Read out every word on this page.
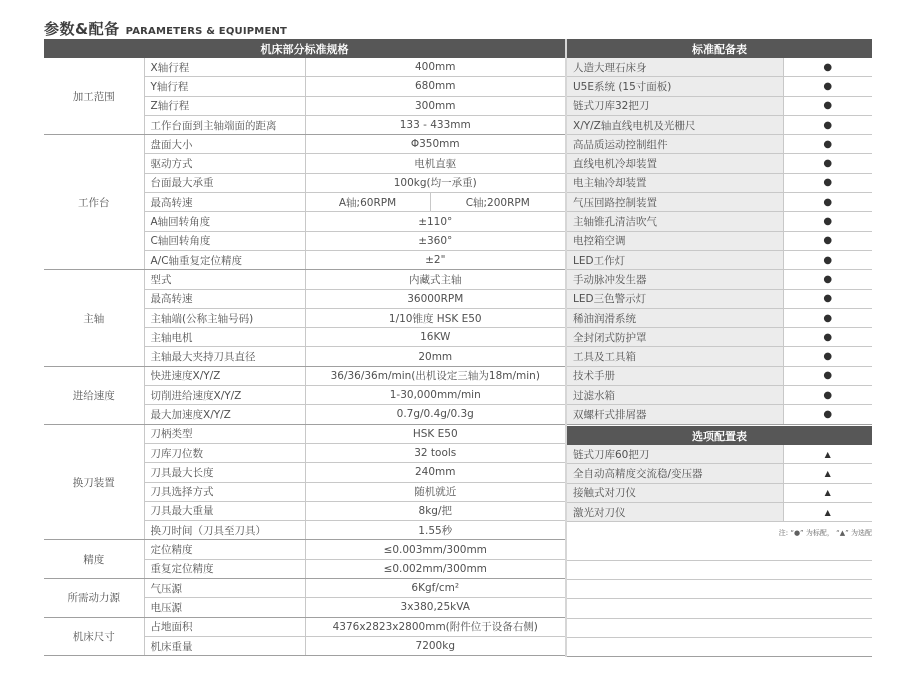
参数&配备 PARAMETERS & EQUIPMENT
机床部分标准规格			
加工范围	X轴行程	400mm	
	Y轴行程	680mm	
	Z轴行程	300mm	
	工作台面到主轴端面的距离	133 - 433mm	
工作台	盘面大小	Φ350mm	
	驱动方式	电机直驱	
	台面最大承重	100kg(均一承重)	
	最高转速	A轴;60RPM	C轴;200RPM
	A轴回转角度	±110°	
	C轴回转角度	±360°	
	A/C轴重复定位精度	±2"	
主轴	型式	内藏式主轴	
	最高转速	36000RPM	
	主轴端(公称主轴号码)	1/10锥度 HSK E50	
	主轴电机	16KW	
	主轴最大夹持刀具直径	20mm	
进给速度	快进速度X/Y/Z	36/36/36m/min(出机设定三轴为18m/min)	
	切削进给速度X/Y/Z	1-30,000mm/min	
	最大加速度X/Y/Z	0.7g/0.4g/0.3g	
换刀装置	刀柄类型	HSK E50	
	刀库刀位数	32 tools	
	刀具最大长度	240mm	
	刀具选择方式	随机就近	
	刀具最大重量	8kg/把	
	换刀时间（刀具至刀具）	1.55秒	
精度	定位精度	≤0.003mm/300mm	
	重复定位精度	≤0.002mm/300mm	
所需动力源	气压源	6Kgf/cm²	
	电压源	3x380,25kVA	
机床尺寸	占地面积	4376x2823x2800mm(附件位于设备右侧)	
	机床重量	7200kg	
标准配备表	
人造大理石床身	●
U5E系统 (15寸面板)	●
链式刀库32把刀	●
X/Y/Z轴直线电机及光栅尺	●
高品质运动控制组件	●
直线电机冷却装置	●
电主轴冷却装置	●
气压回路控制装置	●
主轴锥孔清洁吹气	●
电控箱空调	●
LED工作灯	●
手动脉冲发生器	●
LED三色警示灯	●
稀油润滑系统	●
全封闭式防护罩	●
工具及工具箱	●
技术手册	●
过滤水箱	●
双螺杆式排屑器	●
选项配置表	
链式刀库60把刀	▲
全自动高精度交流稳/变压器	▲
接触式对刀仪	▲
激光对刀仪	▲
注: “●” 为标配， “▲” 为选配
